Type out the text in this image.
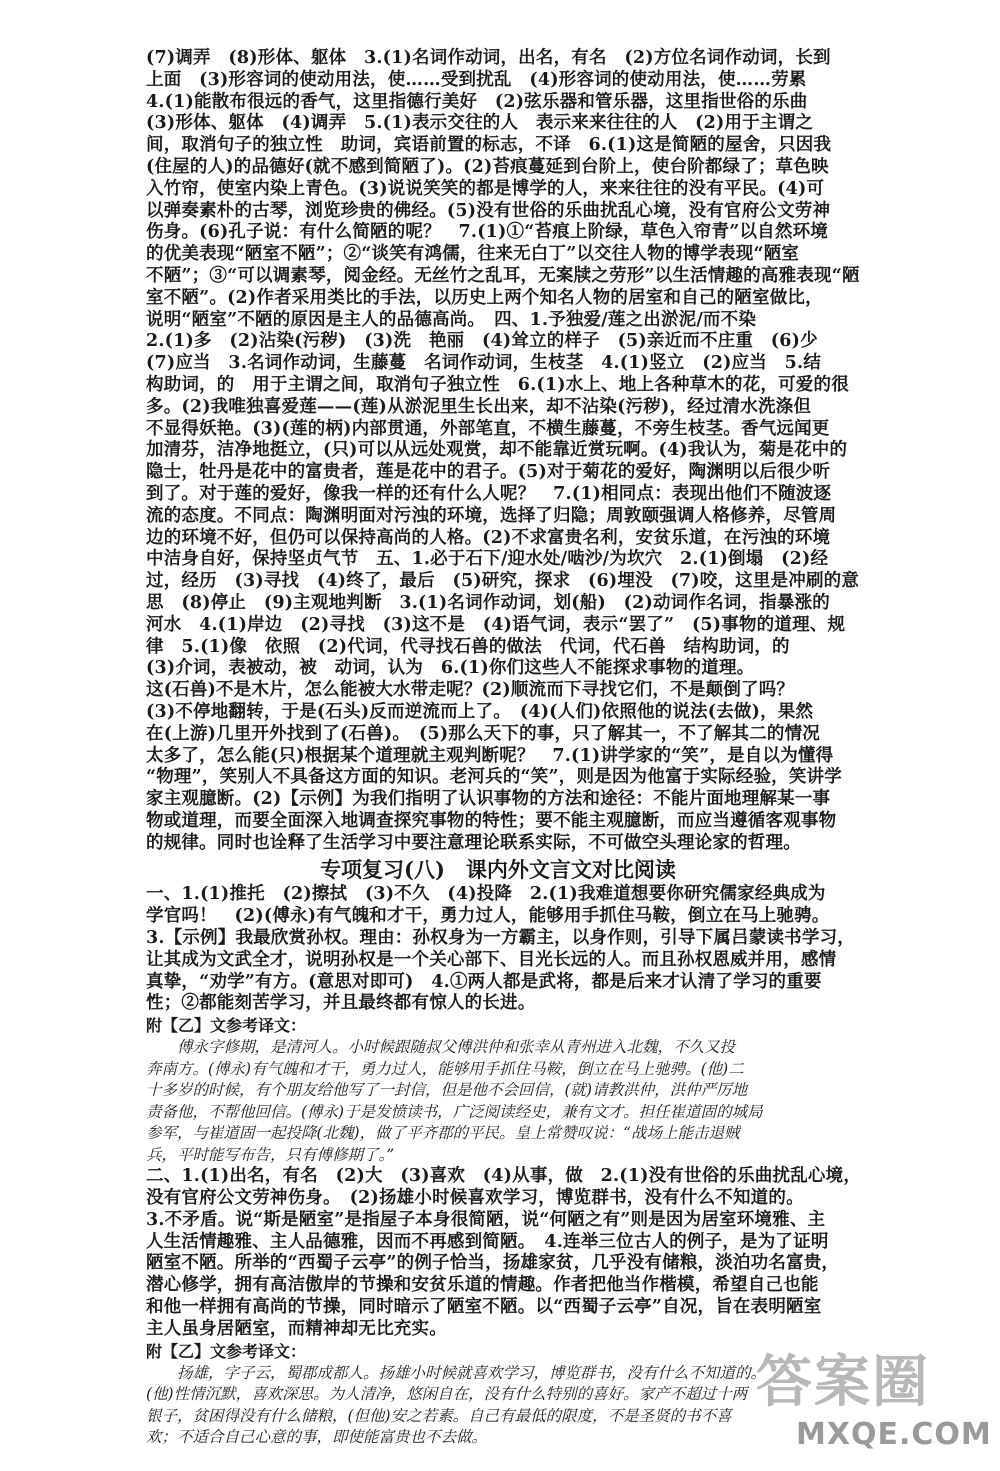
(7)调弄　(8)形体、躯体　3.(1)名词作动词，出名，有名　(2)方位名词作动词，长到

上面　(3)形容词的使动用法，使……受到扰乱　(4)形容词的使动用法，使……劳累

4.(1)能散布很远的香气，这里指德行美好　(2)弦乐器和管乐器，这里指世俗的乐曲

(3)形体、躯体　(4)调弄　5.(1)表示交往的人　表示来来往往的人　(2)用于主谓之

间，取消句子的独立性　助词，宾语前置的标志，不译　6.(1)这是简陋的屋舍，只因我

(住屋的人)的品德好(就不感到简陋了)。(2)苔痕蔓延到台阶上，使台阶都绿了；草色映

入竹帘，使室内染上青色。(3)说说笑笑的都是博学的人，来来往往的没有平民。(4)可

以弹奏素朴的古琴，浏览珍贵的佛经。(5)没有世俗的乐曲扰乱心境，没有官府公文劳神

伤身。(6)孔子说：有什么简陋的呢？　7.(1)①“苔痕上阶绿，草色入帘青”以自然环境

的优美表现“陋室不陋”；②“谈笑有鸿儒，往来无白丁”以交往人物的博学表现“陋室

不陋”；③“可以调素琴，阅金经。无丝竹之乱耳，无案牍之劳形”以生活情趣的高雅表现“陋

室不陋”。(2)作者采用类比的手法，以历史上两个知名人物的居室和自己的陋室做比，

说明“陋室”不陋的原因是主人的品德高尚。　四、1.予独爱/莲之出淤泥/而不染

2.(1)多　(2)沾染(污秽)　(3)洗　艳丽　(4)耸立的样子　(5)亲近而不庄重　(6)少

(7)应当　3.名词作动词，生藤蔓　名词作动词，生枝茎　4.(1)竖立　(2)应当　5.结

构助词，的　用于主谓之间，取消句子独立性　6.(1)水上、地上各种草木的花，可爱的很

多。(2)我唯独喜爱莲——(莲)从淤泥里生长出来，却不沾染(污秽)，经过清水洗涤但

不显得妖艳。(3)(莲的柄)内部贯通，外部笔直，不横生藤蔓，不旁生枝茎。香气远闻更

加清芬，洁净地挺立，(只)可以从远处观赏，却不能靠近赏玩啊。(4)我认为，菊是花中的

隐士，牡丹是花中的富贵者，莲是花中的君子。(5)对于菊花的爱好，陶渊明以后很少听

到了。对于莲的爱好，像我一样的还有什么人呢？　7.(1)相同点：表现出他们不随波逐

流的态度。不同点：陶渊明面对污浊的环境，选择了归隐；周敦颐强调人格修养，尽管周

边的环境不好，但仍可以保持高尚的人格。(2)不求富贵名利，安贫乐道，在污浊的环境

中洁身自好，保持坚贞气节　五、1.必于石下/迎水处/啮沙/为坎穴　2.(1)倒塌　(2)经

过，经历　(3)寻找　(4)终了，最后　(5)研究，探求　(6)埋没　(7)咬，这里是冲刷的意

思　(8)停止　(9)主观地判断　3.(1)名词作动词，划(船)　(2)动词作名词，指暴涨的

河水　4.(1)岸边　(2)寻找　(3)这不是　(4)语气词，表示“罢了”　(5)事物的道理、规

律　5.(1)像　依照　(2)代词，代寻找石兽的做法　代词，代石兽　结构助词，的

(3)介词，表被动，被　动词，认为　6.(1)你们这些人不能探求事物的道理。

这(石兽)不是木片，怎么能被大水带走呢？(2)顺流而下寻找它们，不是颠倒了吗？

(3)不停地翻转，于是(石头)反而逆流而上了。　(4)(人们)依照他的说法(去做)，果然

在(上游)几里开外找到了(石兽)。　(5)那么天下的事，只了解其一，不了解其二的情况

太多了，怎么能(只)根据某个道理就主观判断呢？　7.(1)讲学家的“笑”，是自以为懂得

“物理”，笑别人不具备这方面的知识。老河兵的“笑”，则是因为他富于实际经验，笑讲学

家主观臆断。(2)【示例】为我们指明了认识事物的方法和途径：不能片面地理解某一事

物或道理，而要全面深入地调查探究事物的特性；要不能主观臆断，而应当遵循客观事物

的规律。同时也诠释了生活学习中要注意理论联系实际，不可做空头理论家的哲理。

专项复习(八)　课内外文言文对比阅读

一、1.(1)推托　(2)擦拭　(3)不久　(4)投降　2.(1)我难道想要你研究儒家经典成为

学官吗！　(2)(傅永)有气魄和才干，勇力过人，能够用手抓住马鞍，倒立在马上驰骋。

3.【示例】我最欣赏孙权。理由：孙权身为一方霸主，以身作则，引导下属吕蒙读书学习，

让其成为文武全才，说明孙权是一个关心部下、目光长远的人。而且孙权恩威并用，感情

真挚，“劝学”有方。(意思对即可)　4.①两人都是武将，都是后来才认清了学习的重要

性；②都能刻苦学习，并且最终都有惊人的长进。

附【乙】文参考译文：

　　傅永字修期，是清河人。小时候跟随叔父傅洪仲和张幸从青州进入北魏，不久又投

奔南方。(傅永)有气魄和才干，勇力过人，能够用手抓住马鞍，倒立在马上驰骋。(他)二

十多岁的时候，有个朋友给他写了一封信，但是他不会回信，(就)请教洪仲，洪仲严厉地

责备他，不帮他回信。(傅永)于是发愤读书，广泛阅读经史，兼有文才。担任崔道固的城局

参军，与崔道固一起投降(北魏)，做了平齐郡的平民。皇上常赞叹说：“战场上能击退贼

兵，平时能写布告，只有傅修期了。”

二、1.(1)出名，有名　(2)大　(3)喜欢　(4)从事，做　2.(1)没有世俗的乐曲扰乱心境，

没有官府公文劳神伤身。　(2)扬雄小时候喜欢学习，博览群书，没有什么不知道的。

3.不矛盾。说“斯是陋室”是指屋子本身很简陋，说“何陋之有”则是因为居室环境雅、主

人生活情趣雅、主人品德雅，因而不再感到简陋。　4.连举三位古人的例子，是为了证明

陋室不陋。所举的“西蜀子云亭”的例子恰当，扬雄家贫，几乎没有储粮，淡泊功名富贵，

潜心修学，拥有高洁傲岸的节操和安贫乐道的情趣。作者把他当作楷模，希望自己也能

和他一样拥有高尚的节操，同时暗示了陋室不陋。以“西蜀子云亭”自况，旨在表明陋室

主人虽身居陋室，而精神却无比充实。

附【乙】文参考译文：

　　扬雄，字子云，蜀郡成都人。扬雄小时候就喜欢学习，博览群书，没有什么不知道的。

(他)性情沉默，喜欢深思。为人清净，悠闲自在，没有什么特别的喜好。家产不超过十两

银子，贫困得没有什么储粮，(但他)安之若素。自己有最低的限度，不是圣贤的书不喜

欢；不适合自己心意的事，即使能富贵也不去做。

答案圈
MXQE.COM
